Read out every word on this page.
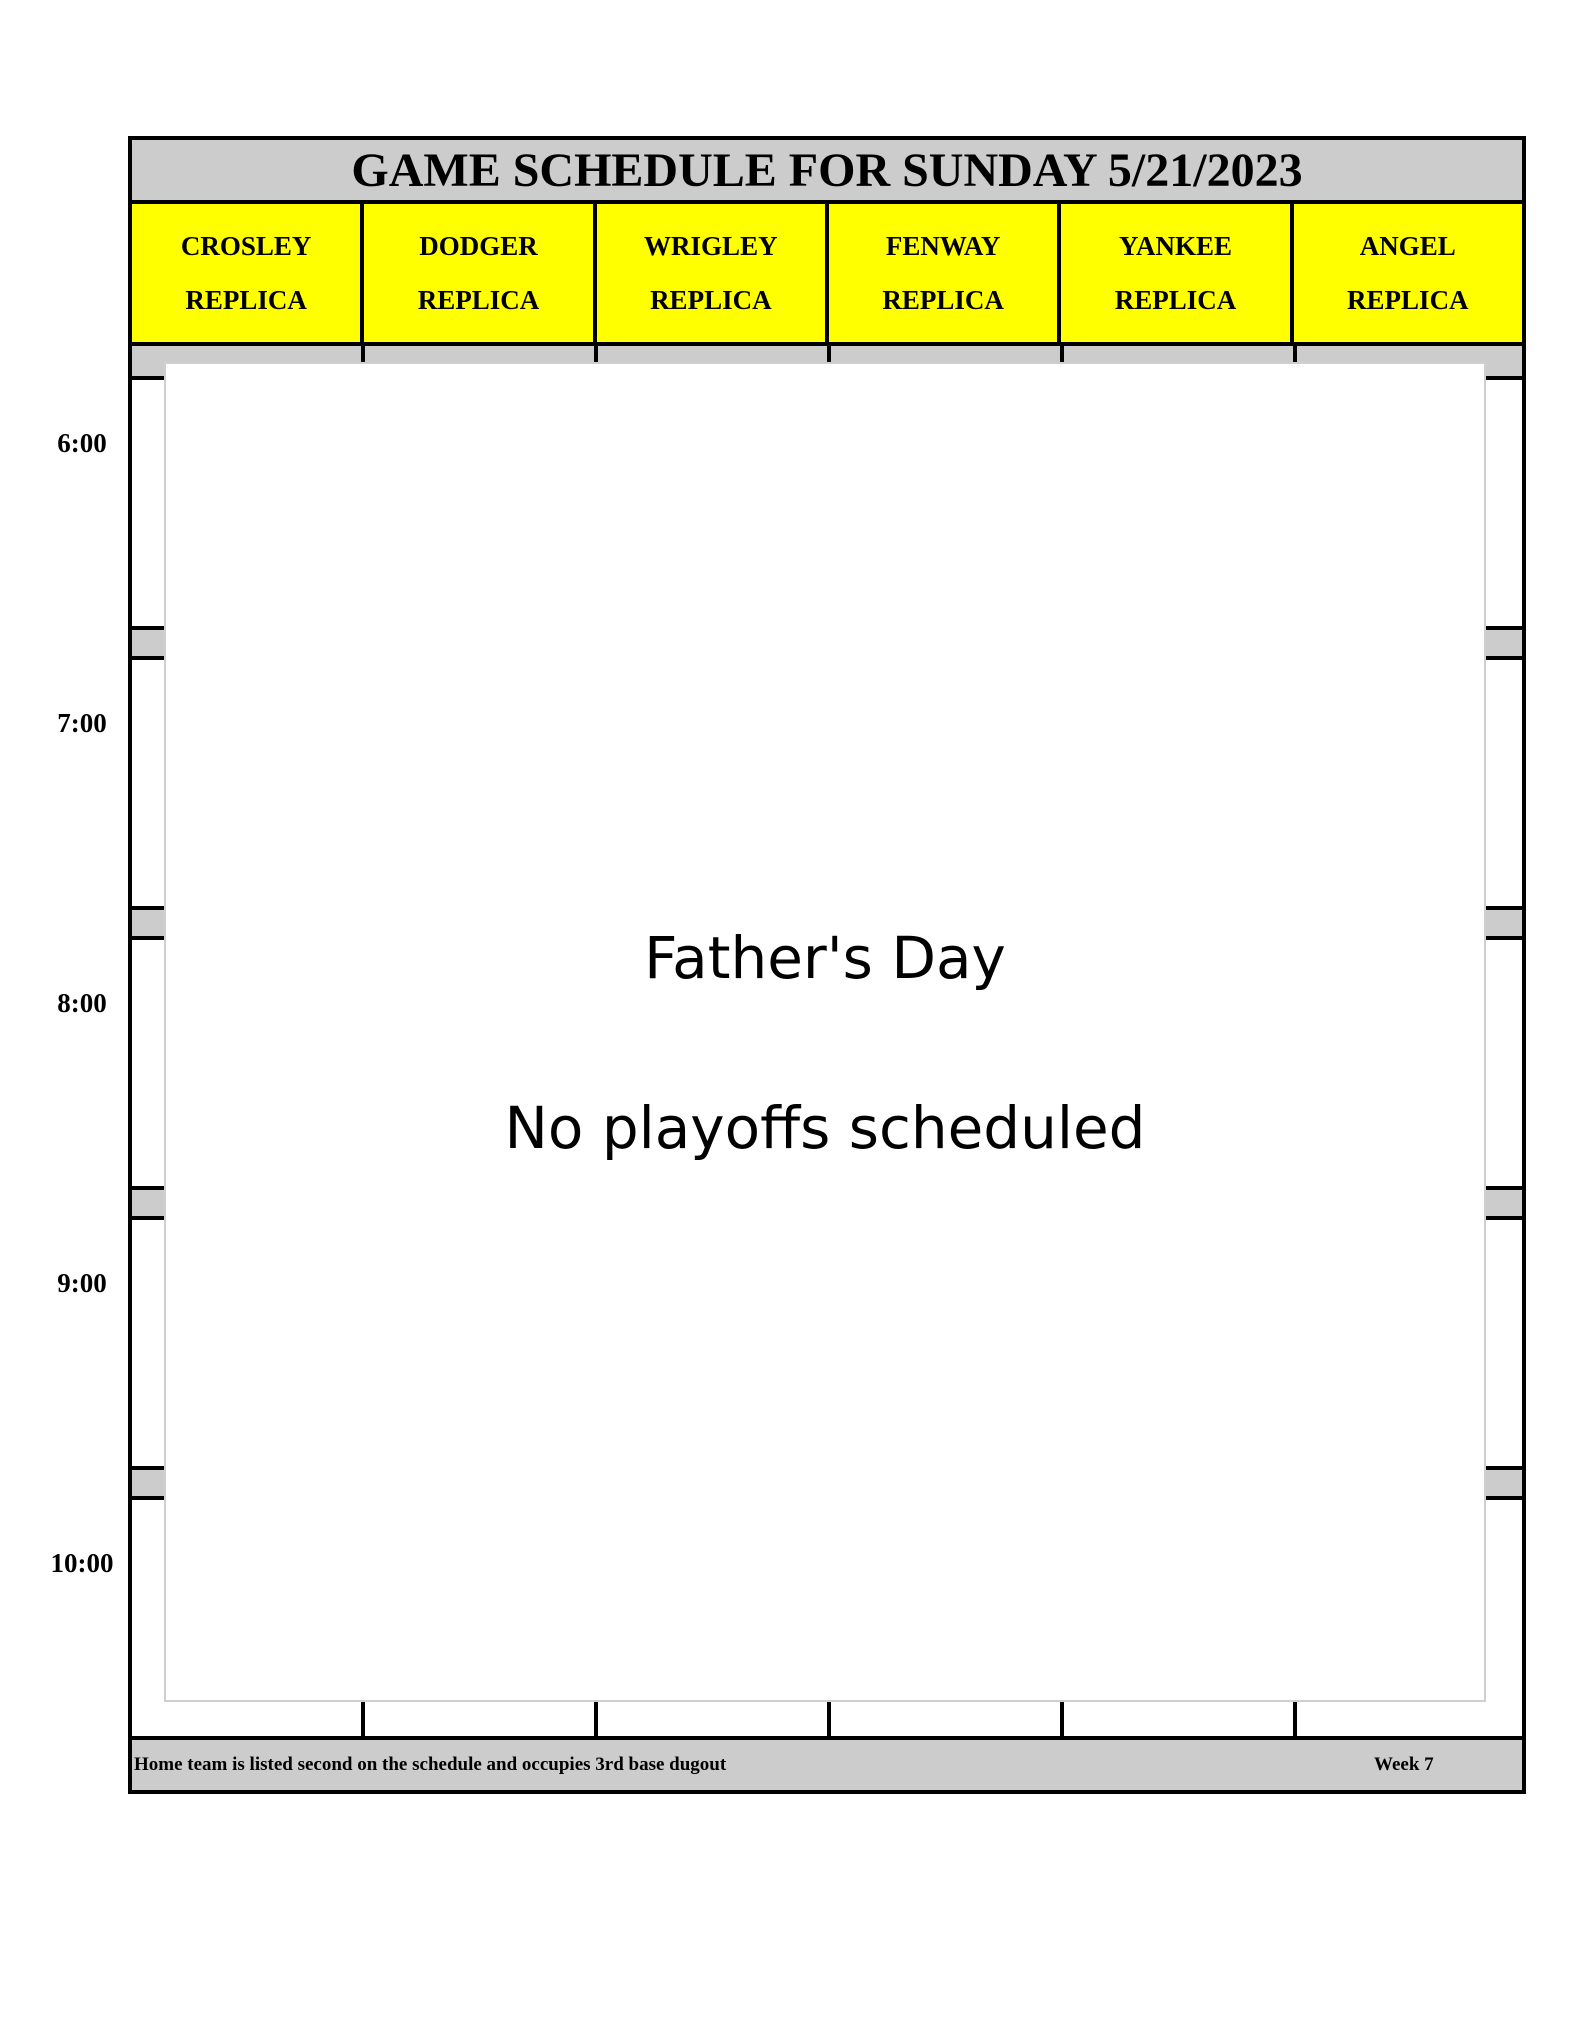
6:00
7:00
8:00
9:00
10:00
GAME SCHEDULE FOR SUNDAY 5/21/2023
CROSLEY
REPLICA
DODGER
REPLICA
WRIGLEY
REPLICA
FENWAY
REPLICA
YANKEE
REPLICA
ANGEL
REPLICA
Father's Day
No playoffs scheduled
Home team is listed second on the schedule and occupies 3rd base dugout	Week 7
